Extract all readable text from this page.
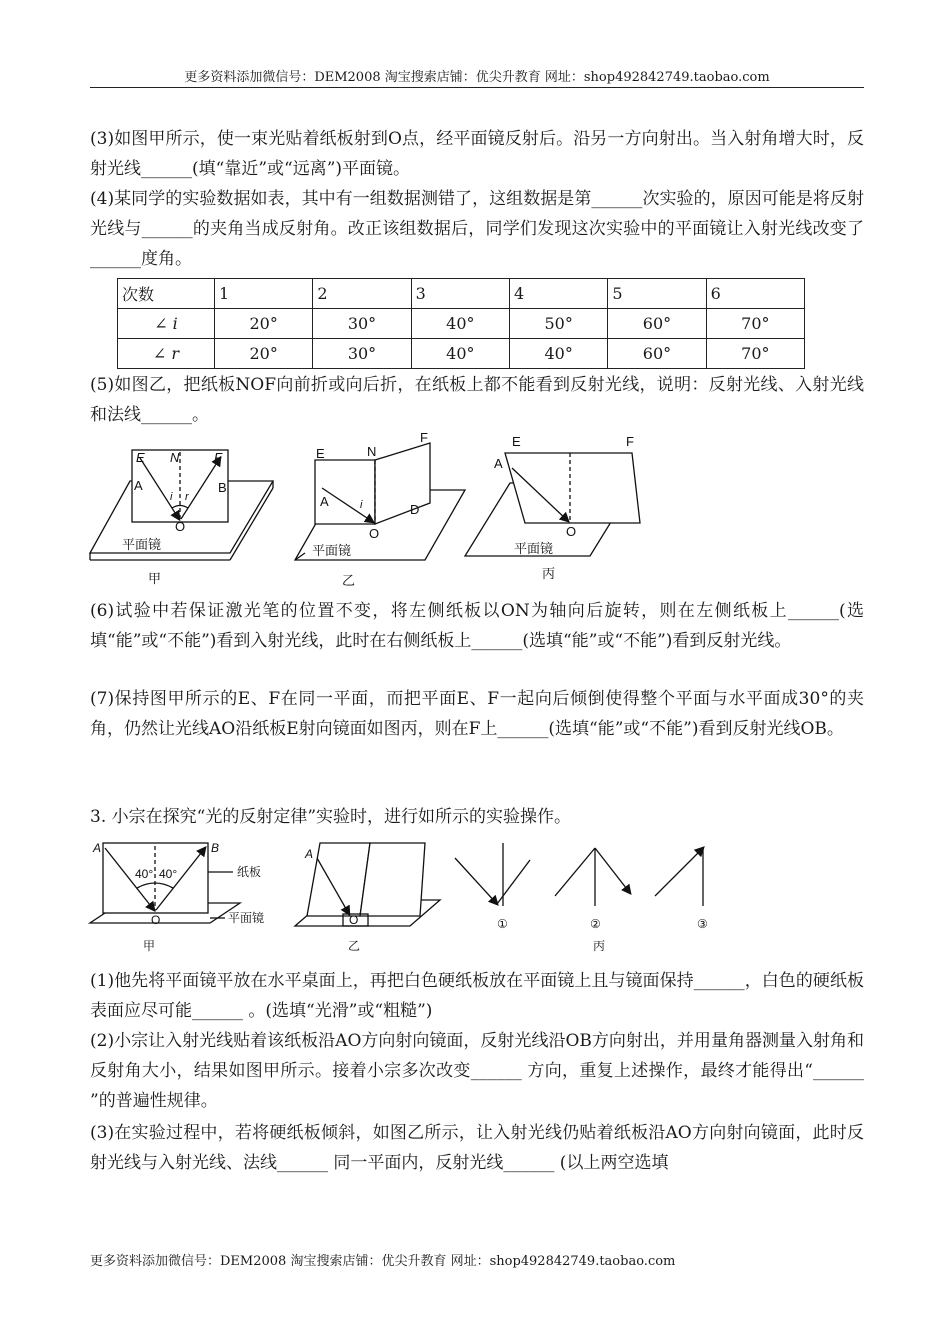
更多资料添加微信号：DEM2008 淘宝搜索店铺：优尖升教育 网址：shop492842749.taobao.com
(3)如图甲所示，使一束光贴着纸板射到O点，经平面镜反射后。沿另一方向射出。当入射角增大时，反射光线______(填“靠近”或“远离”)平面镜。
(4)某同学的实验数据如表，其中有一组数据测错了，这组数据是第______次实验的，原因可能是将反射光线与______的夹角当成反射角。改正该组数据后，同学们发现这次实验中的平面镜让入射光线改变了______度角。
次数	1	2	3	4	5	6
∠ i	20°	30°	40°	50°	60°	70°
∠ r	20°	30°	40°	40°	60°	70°
(5)如图乙，把纸板NOF向前折或向后折，在纸板上都不能看到反射光线，说明：反射光线、入射光线和法线______。
E N	F
A	B
i r
O
平面镜
甲
E	N
F
A	i
O
D
平面镜
乙
E	F
A
O
平面镜
丙
(6)试验中若保证激光笔的位置不变，将左侧纸板以ON为轴向后旋转，则在左侧纸板上______(选填“能”或“不能”)看到入射光线，此时在右侧纸板上______(选填“能”或“不能”)看到反射光线。
(7)保持图甲所示的E、F在同一平面，而把平面E、F一起向后倾倒使得整个平面与水平面成30°的夹角，仍然让光线AO沿纸板E射向镜面如图丙，则在F上______(选填“能”或“不能”)看到反射光线OB。
3. 小宗在探究“光的反射定律”实验时，进行如所示的实验操作。
A	B
40° 40°
O
纸板
平面镜
甲
A
O
乙
①	②	③
丙
(1)他先将平面镜平放在水平桌面上，再把白色硬纸板放在平面镜上且与镜面保持______，白色的硬纸板表面应尽可能______ 。(选填“光滑”或“粗糙”)
(2)小宗让入射光线贴着该纸板沿AO方向射向镜面，反射光线沿OB方向射出，并用量角器测量入射角和反射角大小，结果如图甲所示。接着小宗多次改变______ 方向，重复上述操作，最终才能得出“______ ”的普遍性规律。
(3)在实验过程中，若将硬纸板倾斜，如图乙所示，让入射光线仍贴着纸板沿AO方向射向镜面，此时反射光线与入射光线、法线______ 同一平面内，反射光线______ (以上两空选填
更多资料添加微信号：DEM2008 淘宝搜索店铺：优尖升教育 网址：shop492842749.taobao.com
